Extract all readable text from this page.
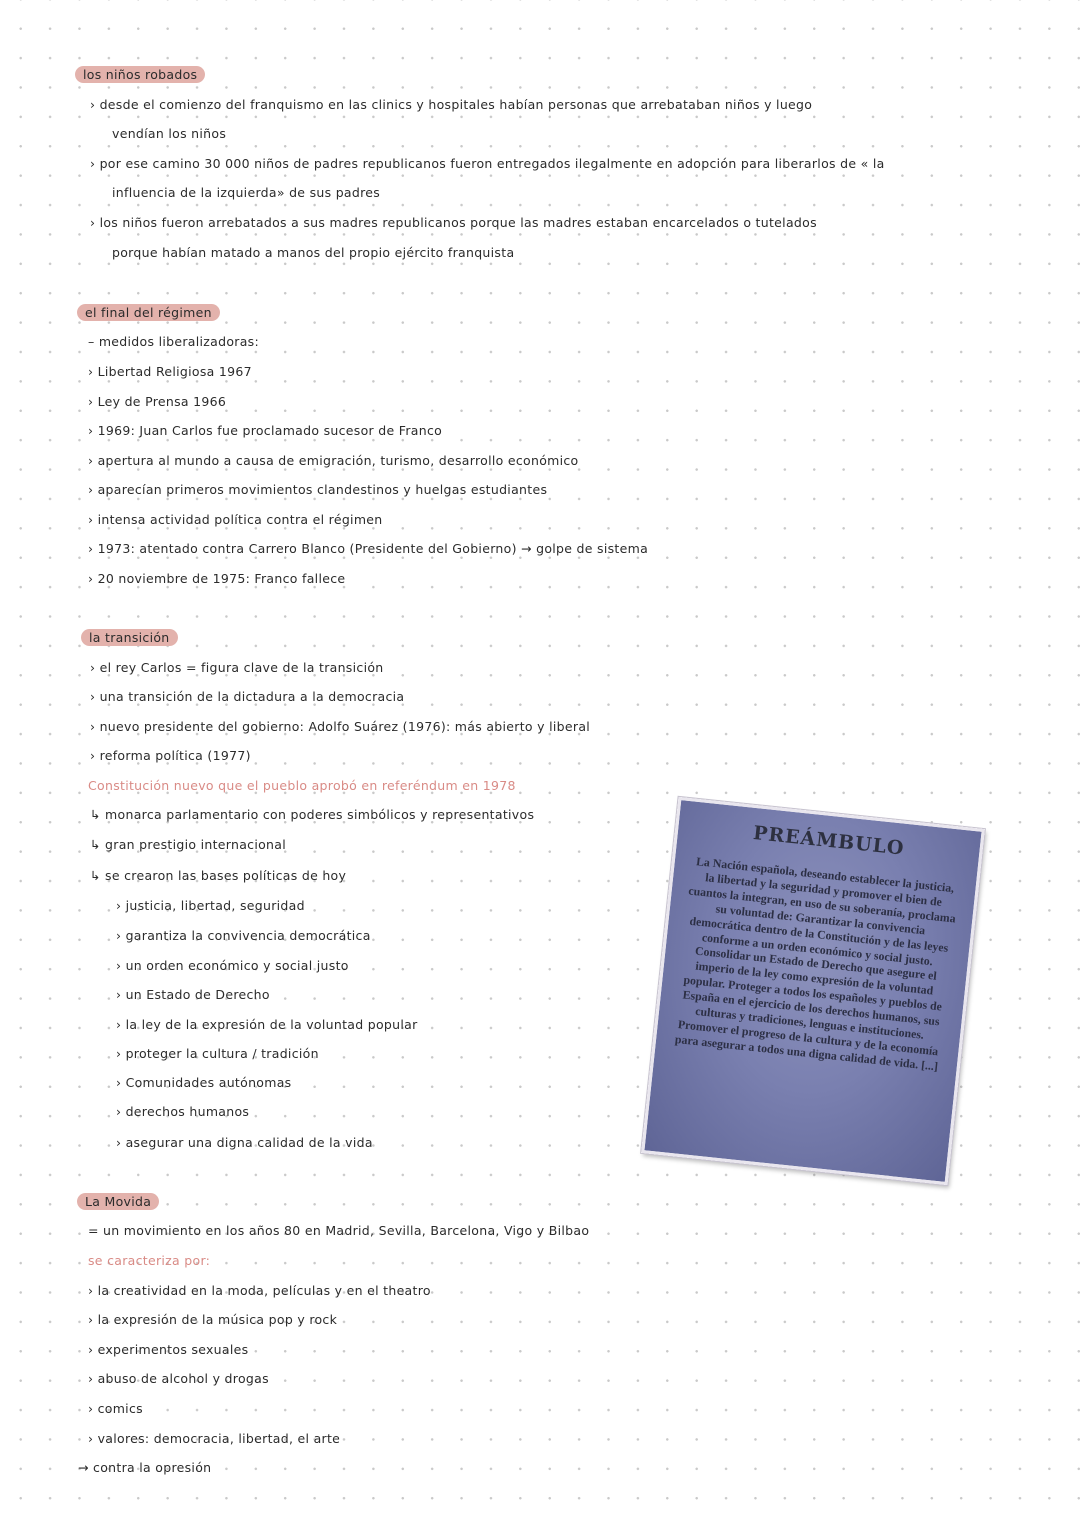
los niños robados
› desde el comienzo del franquismo en las clinics y hospitales habían personas que arrebataban niños y luego
vendían los niños
› por ese camino 30 000 niños de padres republicanos fueron entregados ilegalmente en adopción para liberarlos de « la
influencia de la izquierda» de sus padres
› los niños fueron arrebatados a sus madres republicanos porque las madres estaban encarcelados o tutelados
porque habían matado a manos del propio ejército franquista
el final del régimen
– medidos liberalizadoras:
› Libertad Religiosa 1967
› Ley de Prensa 1966
› 1969: Juan Carlos fue proclamado sucesor de Franco
› apertura al mundo a causa de emigración, turismo, desarrollo económico
› aparecían primeros movimientos clandestinos y huelgas estudiantes
› intensa actividad política contra el régimen
› 1973: atentado contra Carrero Blanco (Presidente del Gobierno) → golpe de sistema
› 20 noviembre de 1975: Franco fallece
la transición
› el rey Carlos = figura clave de la transición
› una transición de la dictadura a la democracia
› nuevo presidente del gobierno: Adolfo Suárez (1976): más abierto y liberal
› reforma política (1977)
Constitución nuevo que el pueblo aprobó en referéndum en 1978
↳ monarca parlamentario con poderes simbólicos y representativos
↳ gran prestigio internacional
↳ se crearon las bases políticas de hoy
› justicia, libertad, seguridad
› garantiza la convivencia democrática
› un orden económico y social justo
› un Estado de Derecho
› la ley de la expresión de la voluntad popular
› proteger la cultura / tradición
› Comunidades autónomas
› derechos humanos
› asegurar una digna calidad de la vida
PREÁMBULO

La Nación española, deseando establecer la justicia, la libertad y la seguridad y promover el bien de cuantos la integran, en uso de su soberanía, proclama su voluntad de: Garantizar la convivencia democrática dentro de la Constitución y de las leyes conforme a un orden económico y social justo. Consolidar un Estado de Derecho que asegure el imperio de la ley como expresión de la voluntad popular. Proteger a todos los españoles y pueblos de España en el ejercicio de los derechos humanos, sus culturas y tradiciones, lenguas e instituciones. Promover el progreso de la cultura y de la economía para asegurar a todos una digna calidad de vida. [...]

La Movida
= un movimiento en los años 80 en Madrid, Sevilla, Barcelona, Vigo y Bilbao
se caracteriza por:
› la creatividad en la moda, películas y en el theatro
› la expresión de la música pop y rock
› experimentos sexuales
› abuso de alcohol y drogas
› comics
› valores: democracia, libertad, el arte
→ contra la opresión
